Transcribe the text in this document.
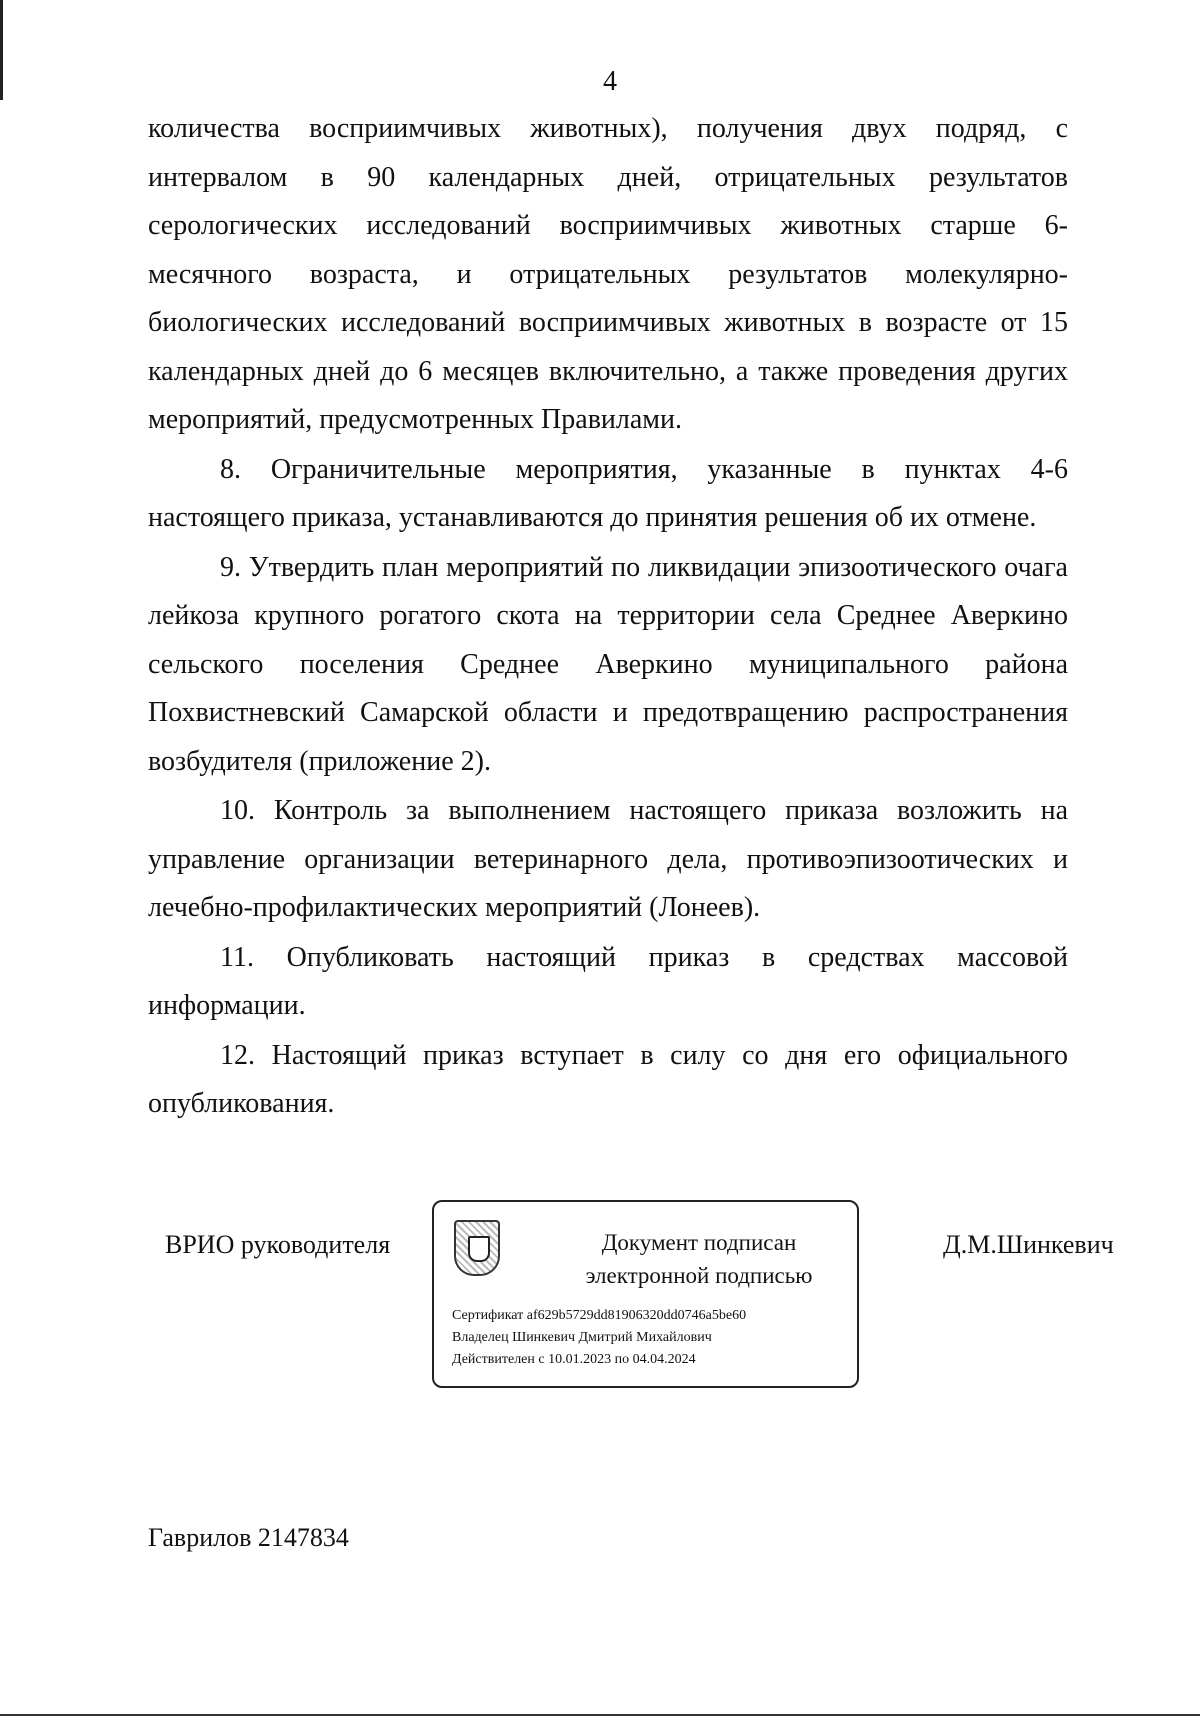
4

количества восприимчивых животных), получения двух подряд, с интервалом в 90 календарных дней, отрицательных результатов серологических исследований восприимчивых животных старше 6-месячного возраста, и отрицательных результатов молекулярно-биологических исследований восприимчивых животных в возрасте от 15 календарных дней до 6 месяцев включительно, а также проведения других мероприятий, предусмотренных Правилами.

8. Ограничительные мероприятия, указанные в пунктах 4-6 настоящего приказа, устанавливаются до принятия решения об их отмене.

9. Утвердить план мероприятий по ликвидации эпизоотического очага лейкоза крупного рогатого скота на территории села Среднее Аверкино сельского поселения Среднее Аверкино муниципального района Похвистневский Самарской области и предотвращению распространения возбудителя (приложение 2).

10. Контроль за выполнением настоящего приказа возложить на управление организации ветеринарного дела, противоэпизоотических и лечебно-профилактических мероприятий (Лонеев).

11. Опубликовать настоящий приказ в средствах массовой информации.

12. Настоящий приказ вступает в силу со дня его официального опубликования.

ВРИО руководителя	Документ подписан
электронной подписью
Сертификат af629b5729dd81906320dd0746a5be60
Владелец Шинкевич Дмитрий Михайлович
Действителен с 10.01.2023 по 04.04.2024
Д.М.Шинкевич
Гаврилов 2147834
